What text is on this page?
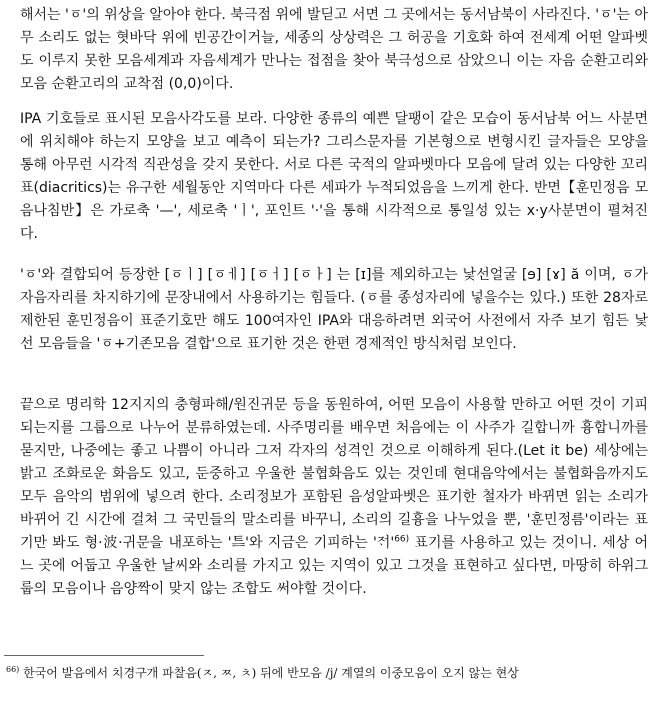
해서는 'ㆆ'의 위상을 알아야 한다. 북극점 위에 발딛고 서면 그 곳에서는 동서남북이 사라진다. 'ㆆ'는 아무 소리도 없는 혓바닥 위에 빈공간이거늘, 세종의 상상력은 그 허공을 기호화 하여 전세계 어떤 알파벳도 이루지 못한 모음세계과 자음세계가 만나는 접점을 찾아 북극성으로 삼았으니 이는 자음 순환고리와 모음 순환고리의 교착점 (0,0)이다.

IPA 기호들로 표시된 모음사각도를 보라. 다양한 종류의 예쁜 달팽이 같은 모습이 동서남북 어느 사분면에 위치해야 하는지 모양을 보고 예측이 되는가? 그리스문자를 기본형으로 변형시킨 글자들은 모양을 통해 아무런 시각적 직관성을 갖지 못한다. 서로 다른 국적의 알파벳마다 모음에 달려 있는 다양한 꼬리표(diacritics)는 유구한 세월동안 지역마다 다른 세파가 누적되었음을 느끼게 한다. 반면【훈민정음 모음나침반】은 가로축 '—', 세로축 'ㅣ', 포인트 '·'을 통해 시각적으로 통일성 있는 x·y사분면이 펼쳐진다.

'ㆆ'와 결합되어 등장한 [ㆆㅣ] [ㆆㅔ] [ㆆㅓ] [ㆆㅏ] 는 [ɪ]를 제외하고는 낯선얼굴 [ɘ] [ɤ] ă 이며, ㆆ가 자음자리를 차지하기에 문장내에서 사용하기는 힘들다. (ㆆ를 종성자리에 넣을수는 있다.) 또한 28자로 제한된 훈민정음이 표준기호만 해도 100여자인 IPA와 대응하려면 외국어 사전에서 자주 보기 힘든 낯선 모음들을 'ㆆ+기존모음 결합'으로 표기한 것은 한편 경제적인 방식처럼 보인다.

끝으로 명리학 12지지의 충형파해/원진귀문 등을 동원하여, 어떤 모음이 사용할 만하고 어떤 것이 기피되는지를 그룹으로 나누어 분류하였는데. 사주명리를 배우면 처음에는 이 사주가 길합니까 흉합니까를 묻지만, 나중에는 좋고 나쁨이 아니라 그저 각자의 성격인 것으로 이해하게 된다.(Let it be) 세상에는 밝고 조화로운 화음도 있고, 둔중하고 우울한 불협화음도 있는 것인데 현대음악에서는 불협화음까지도 모두 음악의 범위에 넣으려 한다. 소리정보가 포함된 음성알파벳은 표기한 철자가 바뀌면 읽는 소리가 바뀌어 긴 시간에 걸쳐 그 국민들의 말소리를 바꾸니, 소리의 길흉을 나누었을 뿐, '훈민정름'이라는 표기만 봐도 형·波·귀문을 내포하는 'ᄐᆖ'와 지금은 기피하는 '$ᄌᆟ'^{66)}$ 표기를 사용하고 있는 것이니. 세상 어느 곳에 어둡고 우울한 날씨와 소리를 가지고 있는 지역이 있고 그것을 표현하고 싶다면, 마땅히 하위그룹의 모음이나 음양짝이 맞지 않는 조합도 써야할 것이다.

$^{66)}$ 한국어 발음에서 치경구개 파찰음(ㅈ, ㅉ, ㅊ) 뒤에 반모음 /j/ 계열의 이중모음이 오지 않는 현상
